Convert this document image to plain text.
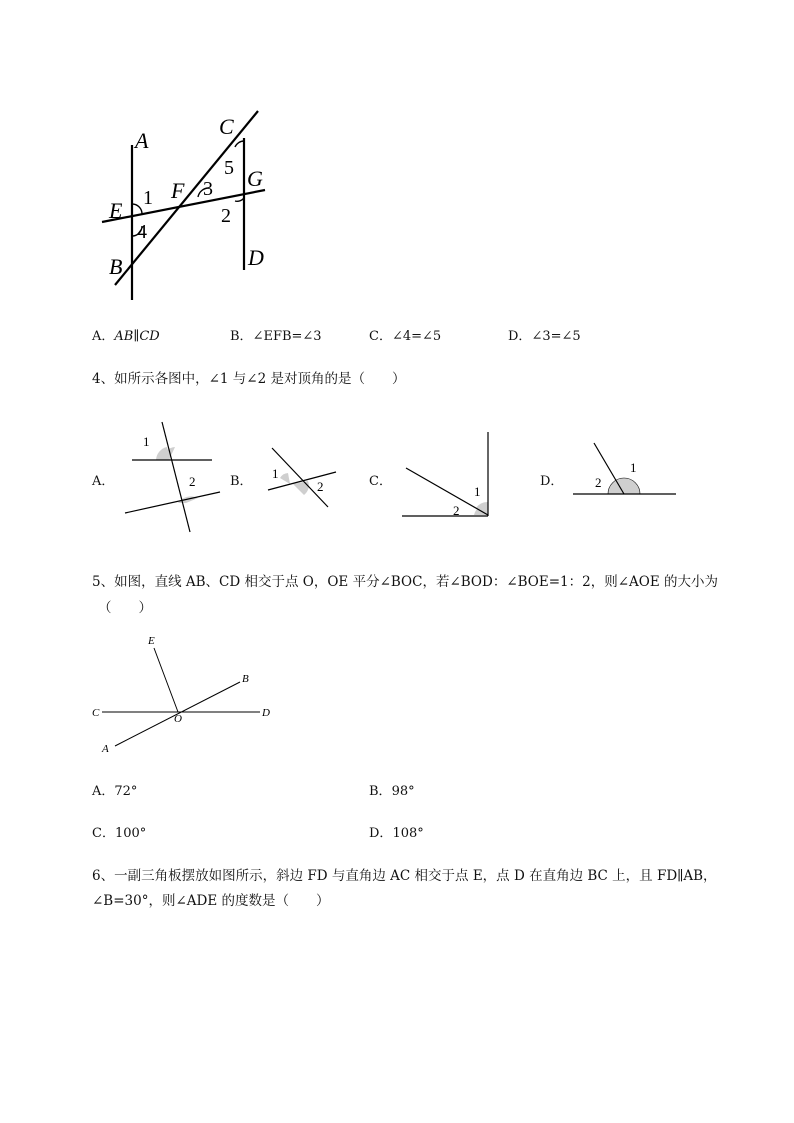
A
C
G
E
F
B	D
1
4
3
5
2
A．AB∥CD	B．∠EFB=∠3	C．∠4=∠5	D．∠3=∠5
4、如所示各图中，∠1 与∠2 是对顶角的是（　　）
A．
1
2	B．
1
2	C．
1
2
D．
1
2
5、如图，直线 AB、CD 相交于点 O，OE 平分∠BOC，若∠BOD：∠BOE=1：2，则∠AOE 的大小为
（　　）
E
B
C	O	D
A
A．72°	B．98°
C．100°	D．108°
6、一副三角板摆放如图所示，斜边 FD 与直角边 AC 相交于点 E，点 D 在直角边 BC 上，且 FD∥AB，
∠B=30°，则∠ADE 的度数是（　　）
